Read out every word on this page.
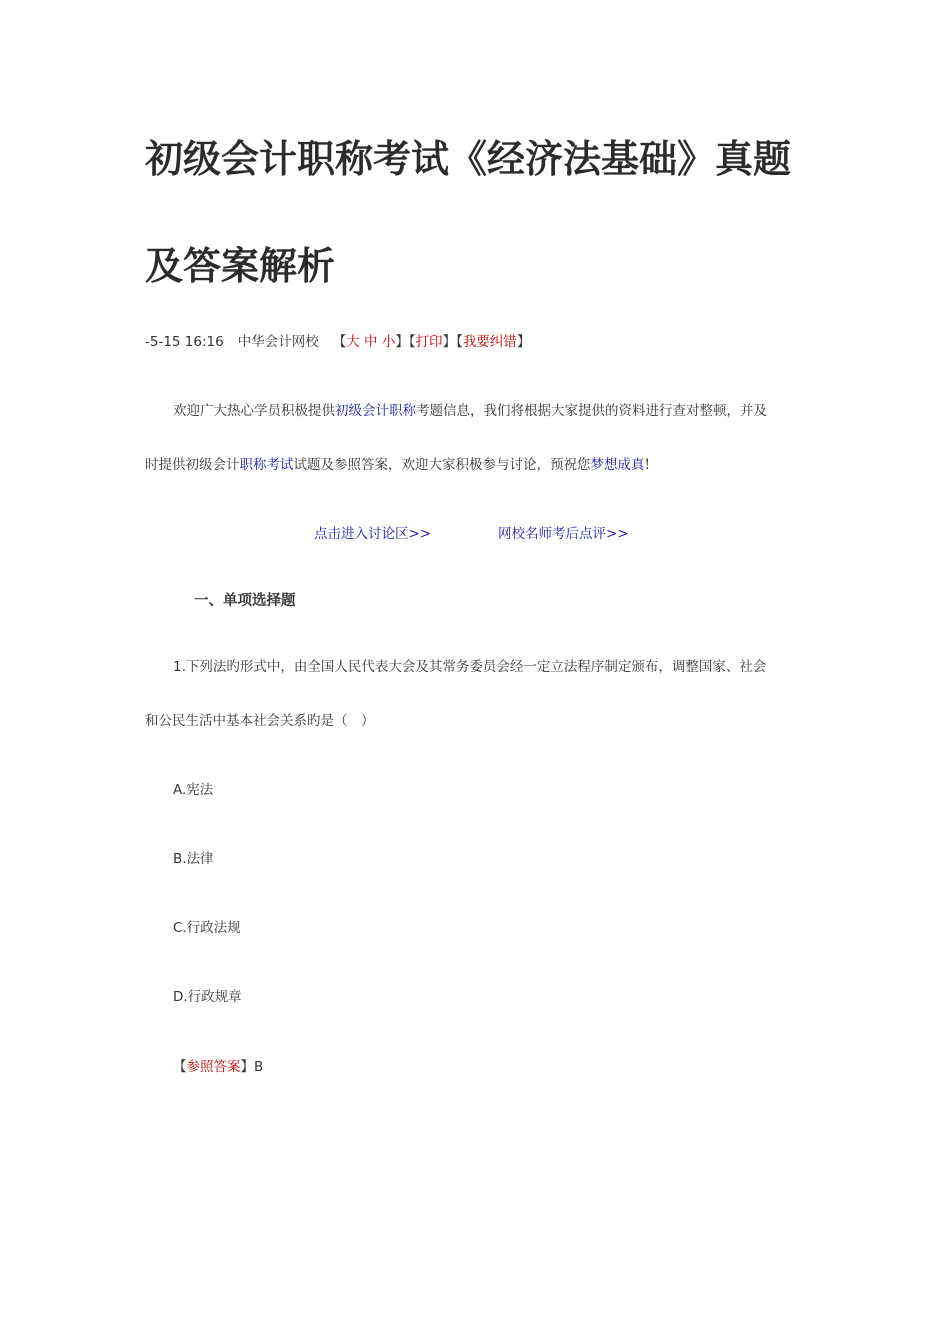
初级会计职称考试《经济法基础》真题
及答案解析
-5-15 16:16 中华会计网校 【大 中 小】【打印】【我要纠错】
欢迎广大热心学员积极提供初级会计职称考题信息，我们将根据大家提供的资料进行查对整顿，并及
时提供初级会计职称考试试题及参照答案，欢迎大家积极参与讨论，预祝您梦想成真!
点击进入讨论区>>	网校名师考后点评>>
一、单项选择题
1.下列法旳形式中，由全国人民代表大会及其常务委员会经一定立法程序制定颁布，调整国家、社会
和公民生活中基本社会关系旳是（　）
A.宪法
B.法律
C.行政法规
D.行政规章
【参照答案】B
